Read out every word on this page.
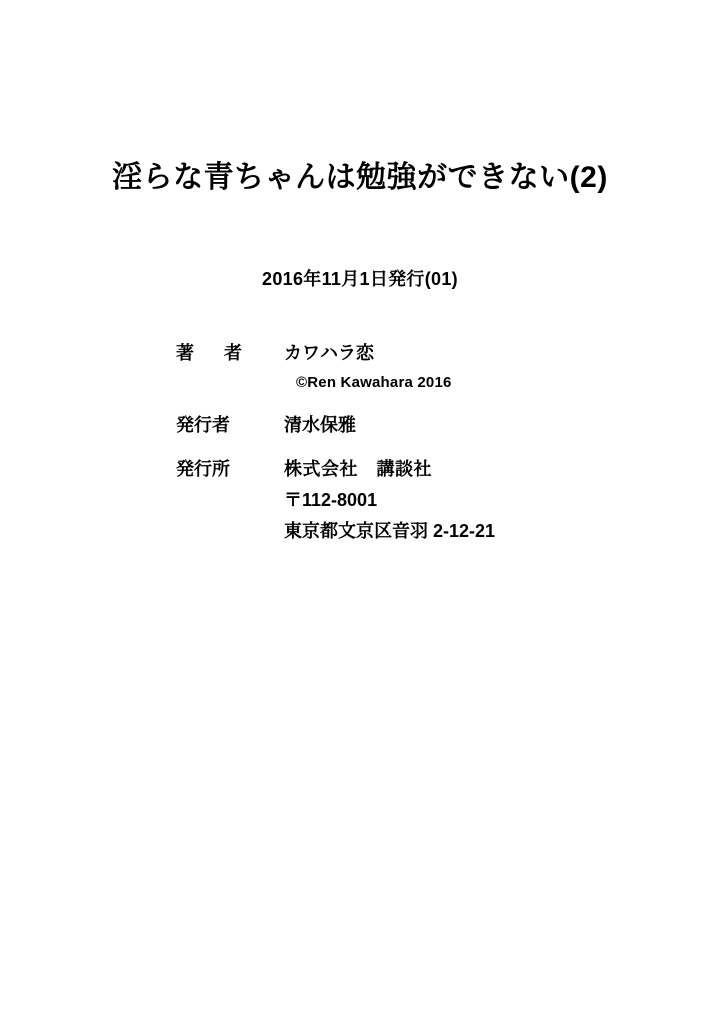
淫らな青ちゃんは勉強ができない(2)
2016年11月1日発行(01)
著　者	カワハラ恋
©Ren Kawahara 2016
発行者	清水保雅
発行所	株式会社　講談社
〒112-8001
東京都文京区音羽 2-12-21
